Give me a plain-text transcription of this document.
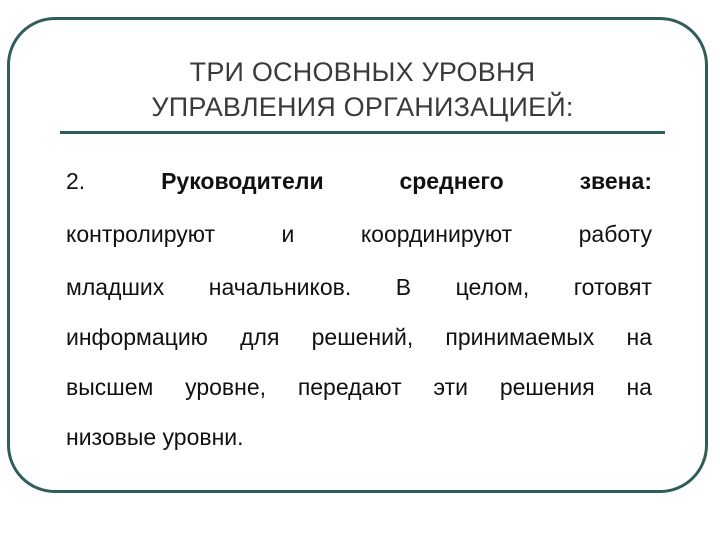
ТРИ ОСНОВНЫХ УРОВНЯ
УПРАВЛЕНИЯ ОРГАНИЗАЦИЕЙ:
2.	Руководители	среднего	звена:
контролируют	и	координируют	работу
младших начальников. В целом, готовят
информацию для решений, принимаемых на
высшем уровне, передают эти решения на
низовые уровни.
